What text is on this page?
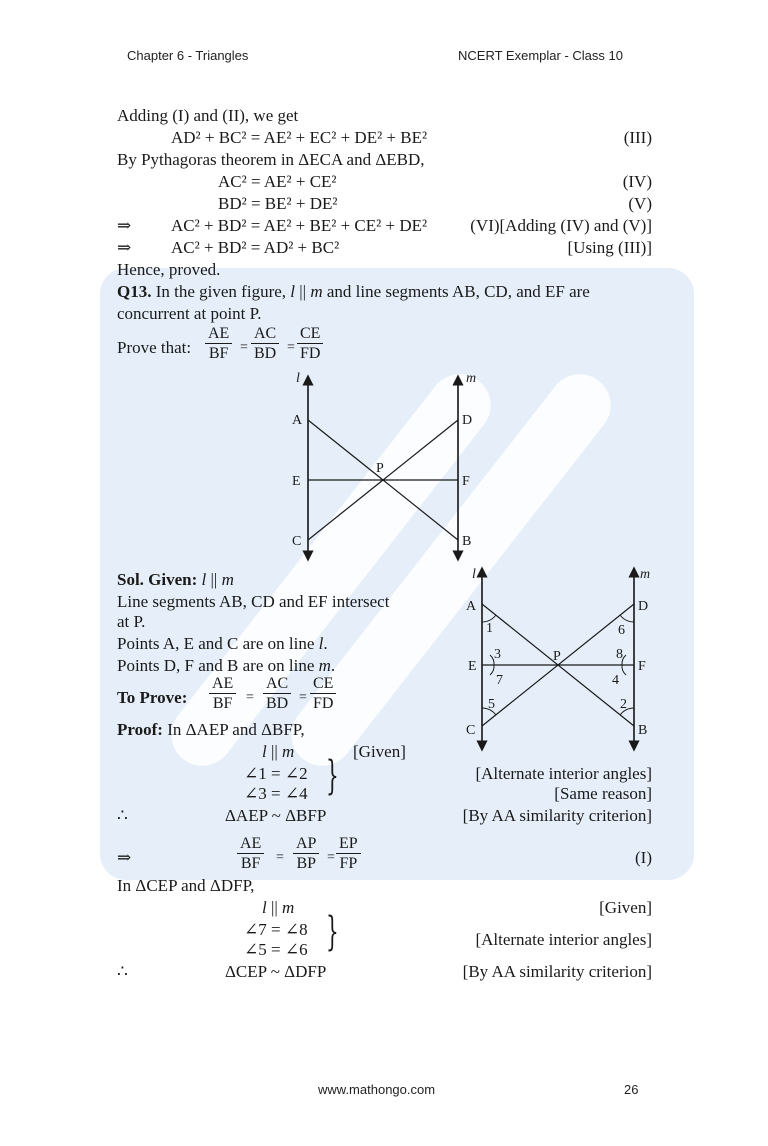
Chapter 6 - Triangles	NCERT Exemplar - Class 10
Adding (I) and (II), we get
AD² + BC² = AE² + EC² + DE² + BE²	(III)
By Pythagoras theorem in ΔECA and ΔEBD,
AC² = AE² + CE²	(IV)
BD² = BE² + DE²	(V)
⇒ AC² + BD² = AE² + BE² + CE² + DE²	(VI)[Adding (IV) and (V)]
⇒ AC² + BD² = AD² + BC²	[Using (III)]
Hence, proved.
Q13. In the given figure, l || m and line segments AB, CD, and EF are
concurrent at point P.
Prove that: $\frac{AE}{BF} = \frac{AC}{BD} = \frac{CE}{FD}$
l	m
A	D
E	F
C	B
P
Sol. Given: l || m
Line segments AB, CD and EF intersect
at P.
Points A, E and C are on line l.
Points D, F and B are on line m.
To Prove: $\frac{AE}{BF} = \frac{AC}{BD} = \frac{CE}{FD}$
Proof: In ΔAEP and ΔBFP,
l || m	[Given]
∠1 = ∠2
∠3 = ∠4 }	[Alternate interior angles]
[Same reason]
∴	ΔAEP ~ ΔBFP	[By AA similarity criterion]
⇒	$\frac{AE}{BF} = \frac{AP}{BP} = \frac{EP}{FP}$	(I)
In ΔCEP and ΔDFP,
l || m	[Given]
∠7 = ∠8
∠5 = ∠6 }	[Alternate interior angles]
∴	ΔCEP ~ ΔDFP	[By AA similarity criterion]
l	m
A	D
E	F
C	B
P
1
2
3
4
5
6
7
8
www.mathongo.com	26
